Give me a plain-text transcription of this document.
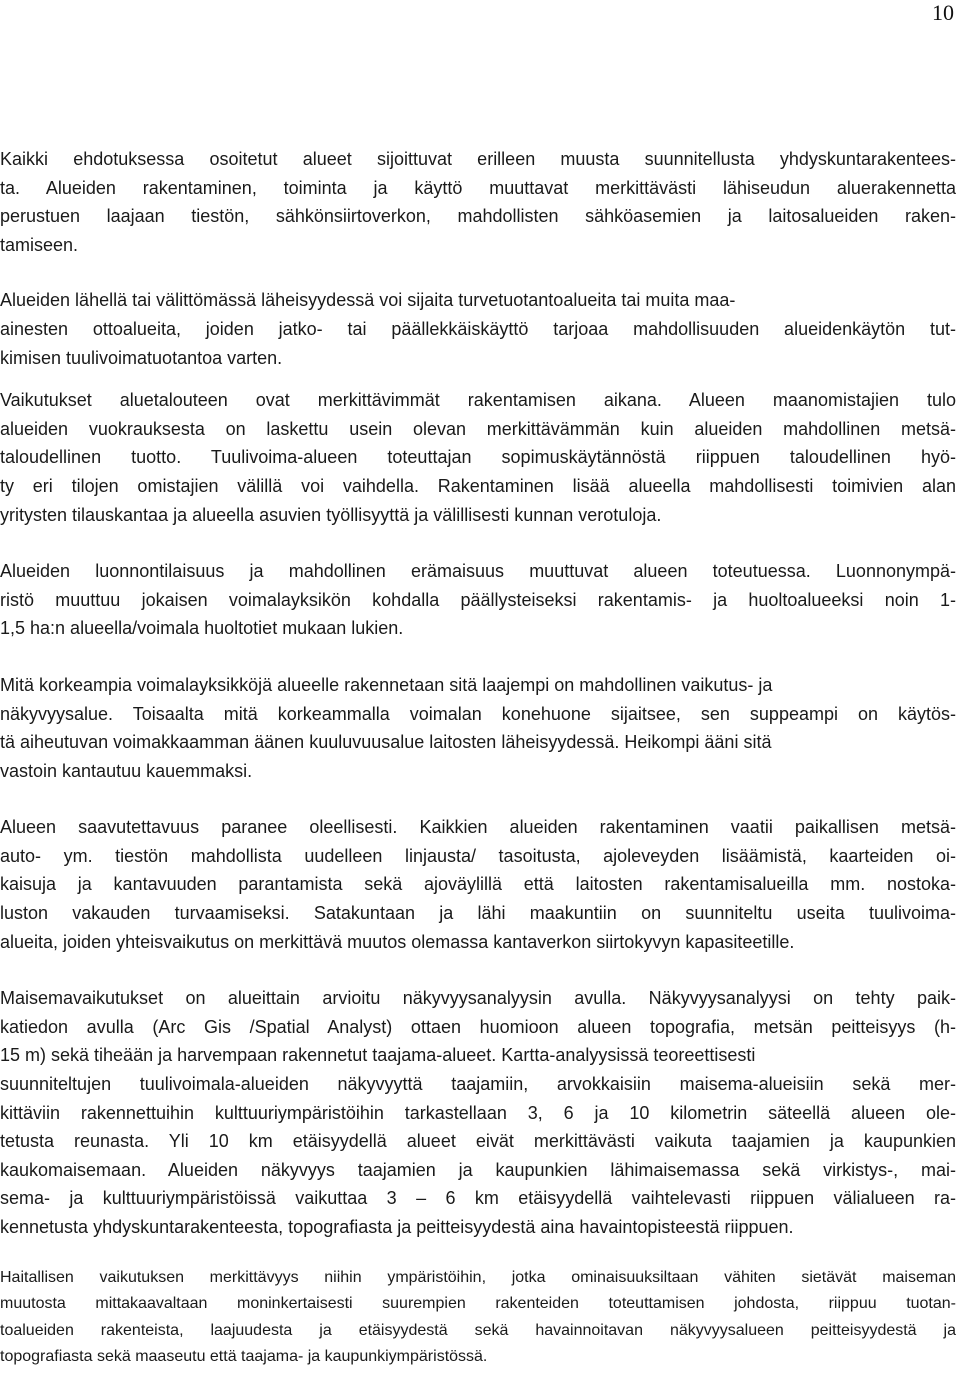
10
Kaikki ehdotuksessa osoitetut alueet sijoittuvat erilleen muusta suunnitellusta yhdyskuntarakentees-
ta. Alueiden rakentaminen, toiminta ja käyttö muuttavat merkittävästi lähiseudun aluerakennetta
perustuen laajaan tiestön, sähkönsiirtoverkon, mahdollisten sähköasemien ja laitosalueiden raken-
tamiseen.
Alueiden lähellä tai välittömässä läheisyydessä voi sijaita turvetuotantoalueita tai muita maa-
ainesten ottoalueita, joiden jatko- tai päällekkäiskäyttö tarjoaa mahdollisuuden alueidenkäytön tut-
kimisen tuulivoimatuotantoa varten.
Vaikutukset aluetalouteen ovat merkittävimmät rakentamisen aikana. Alueen maanomistajien tulo
alueiden vuokrauksesta on laskettu usein olevan merkittävämmän kuin alueiden mahdollinen metsä-
taloudellinen tuotto. Tuulivoima-alueen toteuttajan sopimuskäytännöstä riippuen taloudellinen hyö-
ty eri tilojen omistajien välillä voi vaihdella. Rakentaminen lisää alueella mahdollisesti toimivien alan
yritysten tilauskantaa ja alueella asuvien työllisyyttä ja välillisesti kunnan verotuloja.
Alueiden luonnontilaisuus ja mahdollinen erämaisuus muuttuvat alueen toteutuessa. Luonnonympä-
ristö muuttuu jokaisen voimalayksikön kohdalla päällysteiseksi rakentamis- ja huoltoalueeksi noin 1-
1,5 ha:n alueella/voimala huoltotiet mukaan lukien.
Mitä korkeampia voimalayksikköjä alueelle rakennetaan sitä laajempi on mahdollinen vaikutus- ja
näkyvyysalue. Toisaalta mitä korkeammalla voimalan konehuone sijaitsee, sen suppeampi on käytös-
tä aiheutuvan voimakkaamman äänen kuuluvuusalue laitosten läheisyydessä. Heikompi ääni sitä
vastoin kantautuu kauemmaksi.
Alueen saavutettavuus paranee oleellisesti. Kaikkien alueiden rakentaminen vaatii paikallisen metsä-
auto- ym. tiestön mahdollista uudelleen linjausta/ tasoitusta, ajoleveyden lisäämistä, kaarteiden oi-
kaisuja ja kantavuuden parantamista sekä ajoväylillä että laitosten rakentamisalueilla mm. nostoka-
luston vakauden turvaamiseksi. Satakuntaan ja lähi maakuntiin on suunniteltu useita tuulivoima-
alueita, joiden yhteisvaikutus on merkittävä muutos olemassa kantaverkon siirtokyvyn kapasiteetille.
Maisemavaikutukset on alueittain arvioitu näkyvyysanalyysin avulla. Näkyvyysanalyysi on tehty paik-
katiedon avulla (Arc Gis /Spatial Analyst) ottaen huomioon alueen topografia, metsän peitteisyys (h-
15 m) sekä tiheään ja harvempaan rakennetut taajama-alueet. Kartta-analyysissä teoreettisesti
suunniteltujen tuulivoimala-alueiden näkyvyyttä taajamiin, arvokkaisiin maisema-alueisiin sekä mer-
kittäviin rakennettuihin kulttuuriympäristöihin tarkastellaan 3, 6 ja 10 kilometrin säteellä alueen ole-
tetusta reunasta. Yli 10 km etäisyydellä alueet eivät merkittävästi vaikuta taajamien ja kaupunkien
kaukomaisemaan. Alueiden näkyvyys taajamien ja kaupunkien lähimaisemassa sekä virkistys-, mai-
sema- ja kulttuuriympäristöissä vaikuttaa 3 – 6 km etäisyydellä vaihtelevasti riippuen välialueen ra-
kennetusta yhdyskuntarakenteesta, topografiasta ja peitteisyydestä aina havaintopisteestä riippuen.
Haitallisen vaikutuksen merkittävyys niihin ympäristöihin, jotka ominaisuuksiltaan vähiten sietävät maiseman
muutosta mittakaavaltaan moninkertaisesti suurempien rakenteiden toteuttamisen johdosta, riippuu tuotan-
toalueiden rakenteista, laajuudesta ja etäisyydestä sekä havainnoitavan näkyvyysalueen peitteisyydestä ja
topografiasta sekä maaseutu että taajama- ja kaupunkiympäristössä.
